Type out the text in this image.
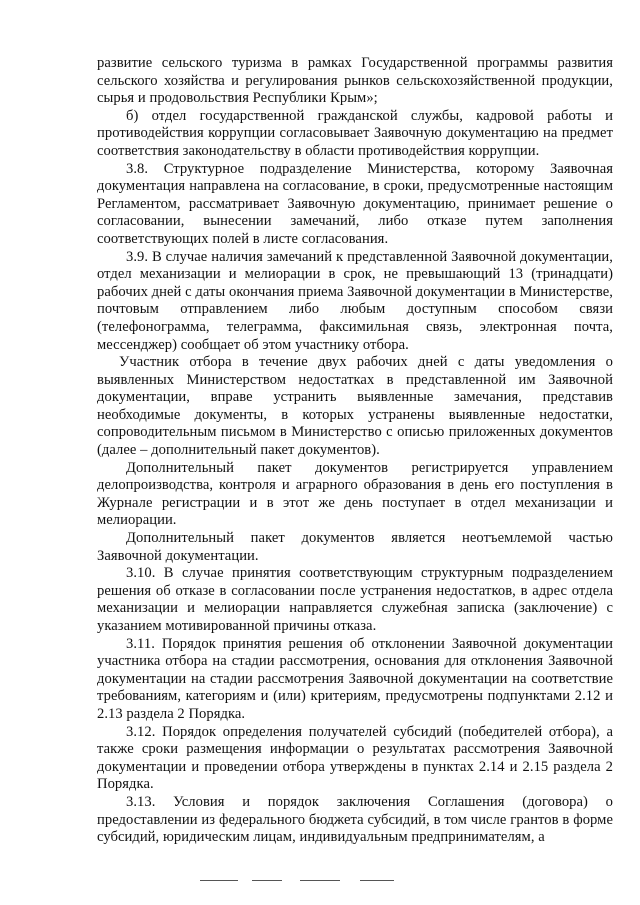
развитие сельского туризма в рамках Государственной программы развития сельского хозяйства и регулирования рынков сельскохозяйственной продукции, сырья и продовольствия Республики Крым»;

б) отдел государственной гражданской службы, кадровой работы и противодействия коррупции согласовывает Заявочную документацию на предмет соответствия законодательству в области противодействия коррупции.

3.8. Структурное подразделение Министерства, которому Заявочная документация направлена на согласование, в сроки, предусмотренные настоящим Регламентом, рассматривает Заявочную документацию, принимает решение о согласовании, вынесении замечаний, либо отказе путем заполнения соответствующих полей в листе согласования.

3.9. В случае наличия замечаний к представленной Заявочной документации, отдел механизации и мелиорации в срок, не превышающий 13 (тринадцати) рабочих дней с даты окончания приема Заявочной документации в Министерстве, почтовым отправлением либо любым доступным способом связи (телефонограмма, телеграмма, факсимильная связь, электронная почта, мессенджер) сообщает об этом участнику отбора.

Участник отбора в течение двух рабочих дней с даты уведомления о выявленных Министерством недостатках в представленной им Заявочной документации, вправе устранить выявленные замечания, представив необходимые документы, в которых устранены выявленные недостатки, сопроводительным письмом в Министерство с описью приложенных документов (далее – дополнительный пакет документов).

Дополнительный пакет документов регистрируется управлением делопроизводства, контроля и аграрного образования в день его поступления в Журнале регистрации и в этот же день поступает в отдел механизации и мелиорации.

Дополнительный пакет документов является неотъемлемой частью Заявочной документации.

3.10. В случае принятия соответствующим структурным подразделением решения об отказе в согласовании после устранения недостатков, в адрес отдела механизации и мелиорации направляется служебная записка (заключение) с указанием мотивированной причины отказа.

3.11. Порядок принятия решения об отклонении Заявочной документации участника отбора на стадии рассмотрения, основания для отклонения Заявочной документации на стадии рассмотрения Заявочной документации на соответствие требованиям, категориям и (или) критериям, предусмотрены подпунктами 2.12 и 2.13 раздела 2 Порядка.

3.12. Порядок определения получателей субсидий (победителей отбора), а также сроки размещения информации о результатах рассмотрения Заявочной документации и проведении отбора утверждены в пунктах 2.14 и 2.15 раздела 2 Порядка.

3.13. Условия и порядок заключения Соглашения (договора) о предоставлении из федерального бюджета субсидий, в том числе грантов в форме субсидий, юридическим лицам, индивидуальным предпринимателям, а
